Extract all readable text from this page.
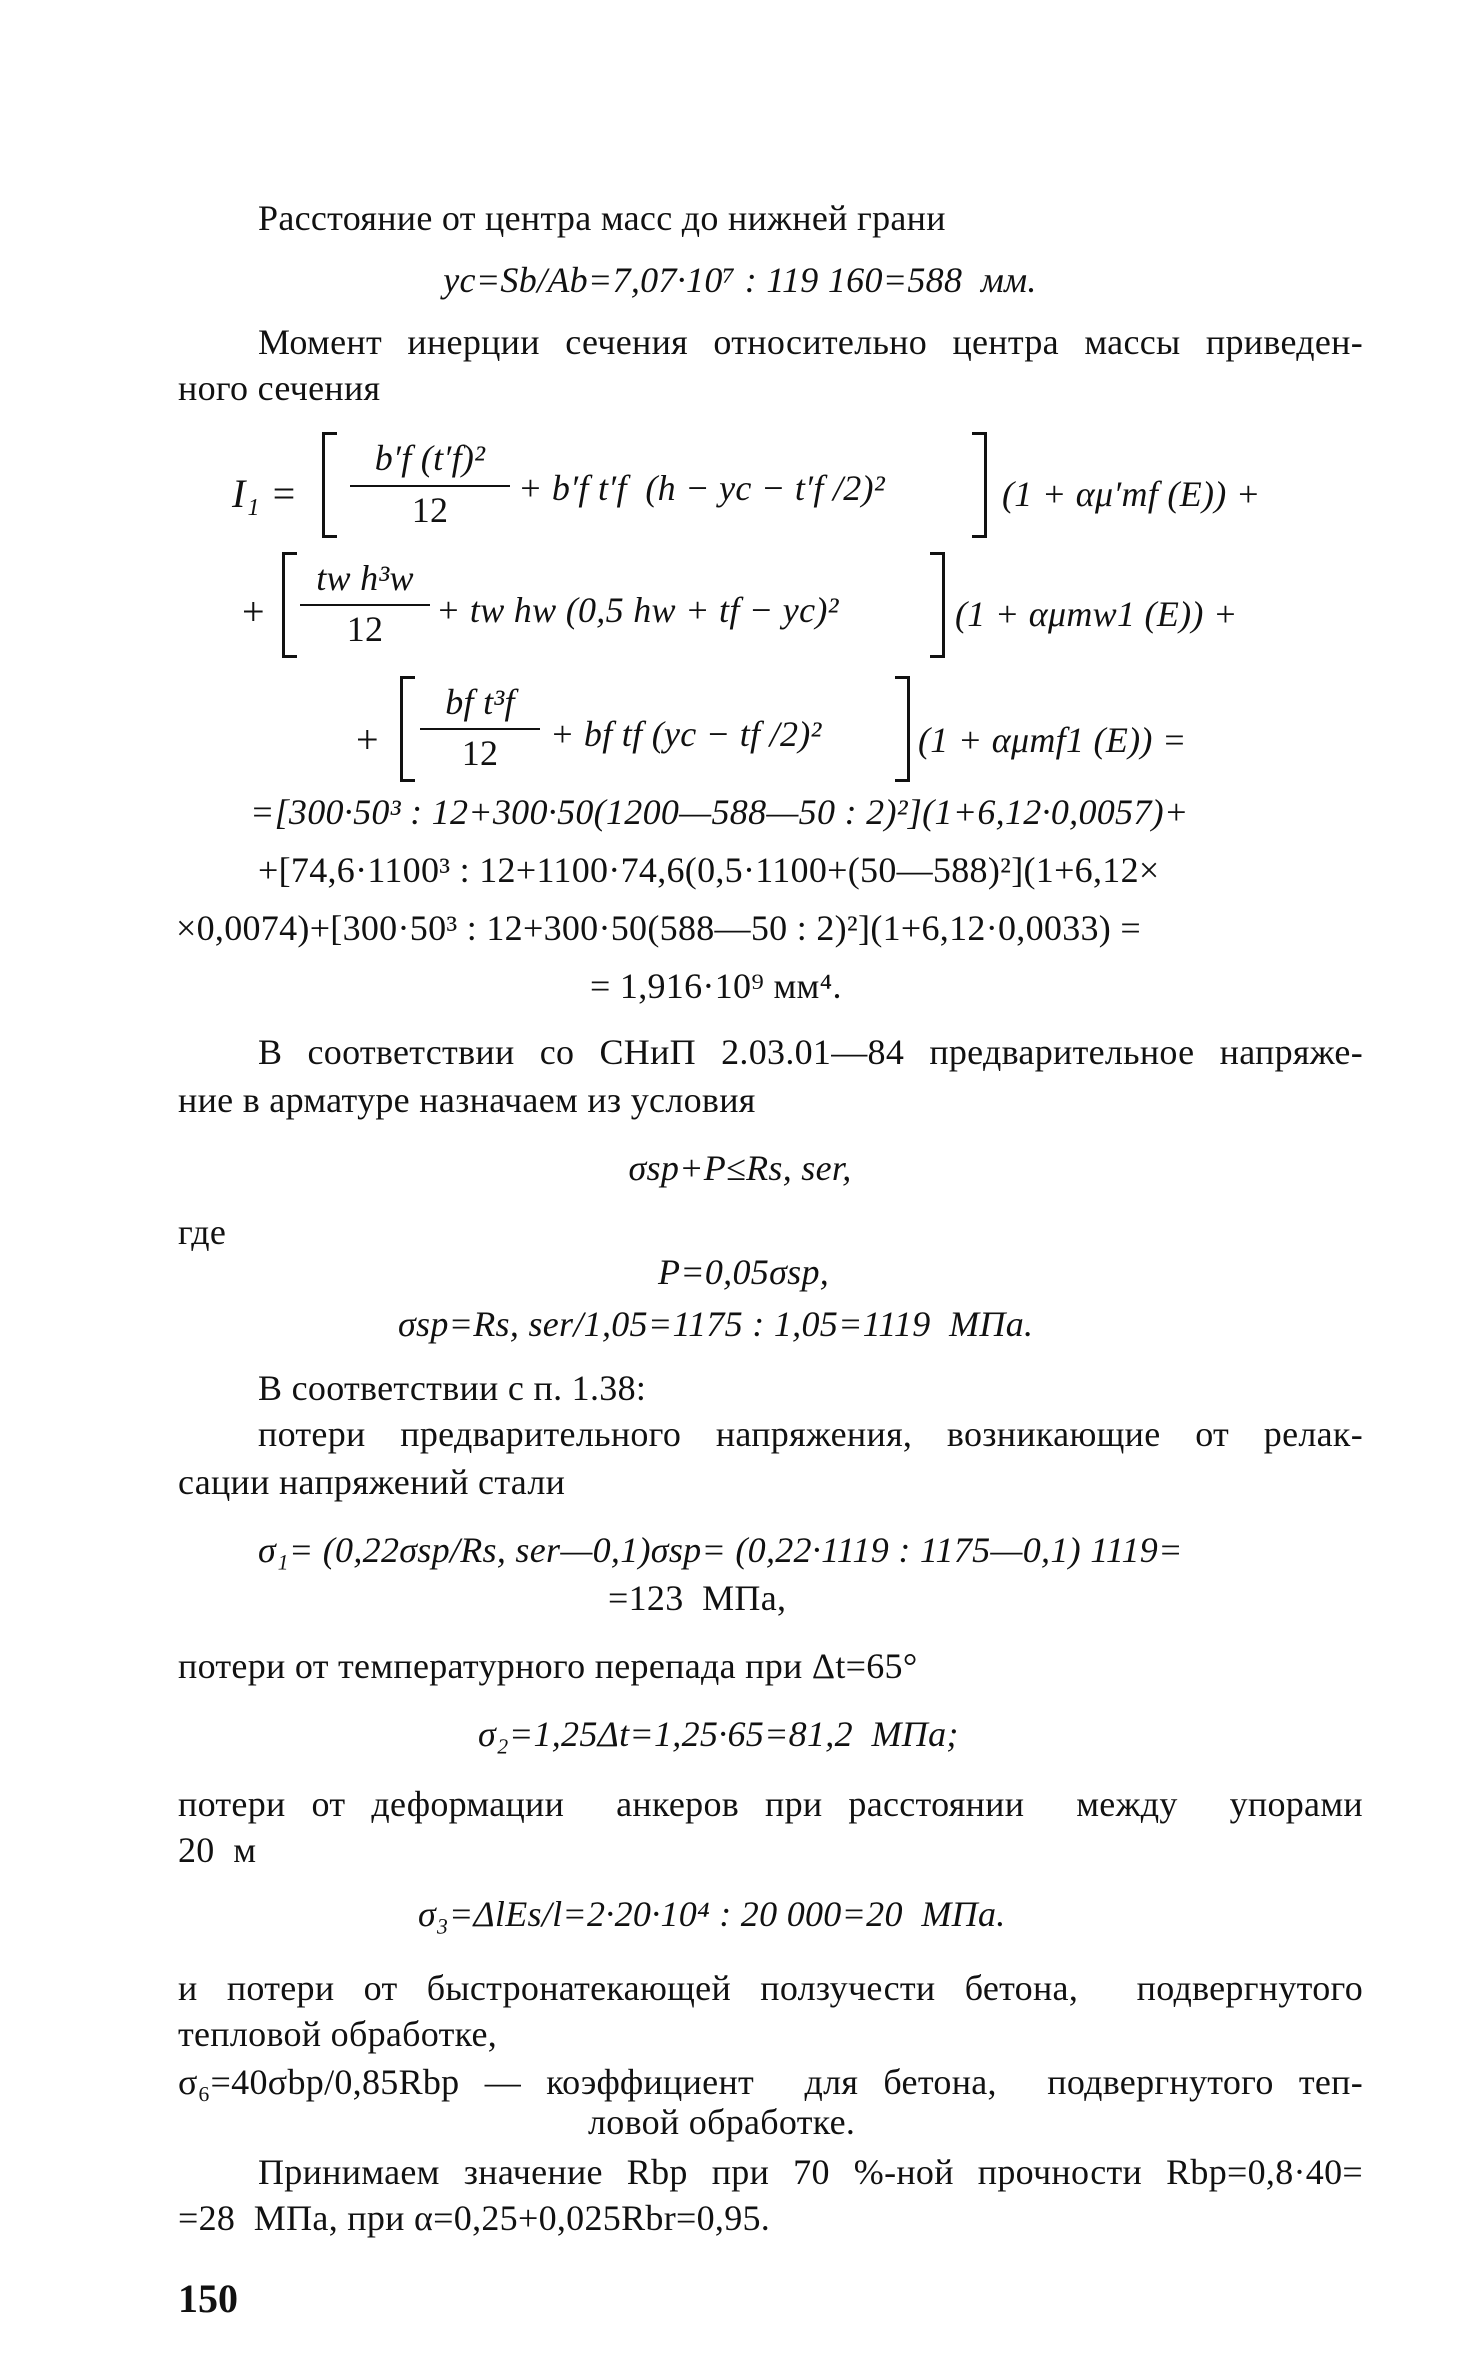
Расстояние от центра масс до нижней грани
yc=Sb/Ab=7,07·10⁷ : 119 160=588  мм.
Момент инерции сечения относительно центра массы приведен-
ного сечения
I₁ =
b′f (t′f)²
12
+ b′f t′f  (h − yc − t′f /2)²	(1 + αμ′mf (E)) +
+
tw h³w
12	+ tw hw (0,5 hw + tf − yc)²	(1 + αμmw1 (E)) +
+
bf t³f
12	+ bf tf (yc − tf /2)²	(1 + αμmf1 (E)) =
=[300·50³ : 12+300·50(1200—588—50 : 2)²](1+6,12·0,0057)+
+[74,6·1100³ : 12+1100·74,6(0,5·1100+(50—588)²](1+6,12×
×0,0074)+[300·50³ : 12+300·50(588—50 : 2)²](1+6,12·0,0033) =
= 1,916·10⁹ мм⁴.
В соответствии со СНиП 2.03.01—84 предварительное напряже-
ние в арматуре назначаем из условия
σsp+P≤Rs, ser,
где
P=0,05σsp,
σsp=Rs, ser/1,05=1175 : 1,05=1119  МПа.
В соответствии с п. 1.38:
потери предварительного напряжения, возникающие от релак-
сации напряжений стали
σ₁= (0,22σsp/Rs, ser—0,1)σsp= (0,22·1119 : 1175—0,1) 1119=
=123  МПа,
потери от температурного перепада при Δt=65°
σ₂=1,25Δt=1,25·65=81,2  МПа;
потери от деформации  анкеров при расстоянии  между  упорами
20  м
σ₃=ΔlEs/l=2·20·10⁴ : 20 000=20  МПа.
и потери от быстронатекающей ползучести бетона,  подвергнутого
тепловой обработке,
σ₆=40σbp/0,85Rbp — коэффициент  для бетона,  подвергнутого теп-
ловой обработке.
Принимаем значение Rbp при 70 %-ной прочности Rbp=0,8·40=
=28  МПа, при α=0,25+0,025Rbr=0,95.
150
